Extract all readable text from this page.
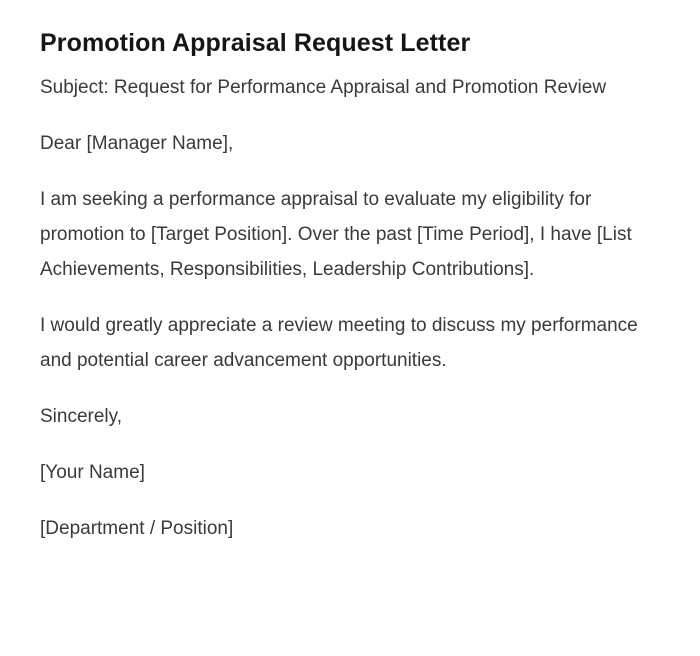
Promotion Appraisal Request Letter

Subject: Request for Performance Appraisal and Promotion Review

Dear [Manager Name],

I am seeking a performance appraisal to evaluate my eligibility for promotion to [Target Position]. Over the past [Time Period], I have [List Achievements, Responsibilities, Leadership Contributions].

I would greatly appreciate a review meeting to discuss my performance and potential career advancement opportunities.

Sincerely,

[Your Name]

[Department / Position]
